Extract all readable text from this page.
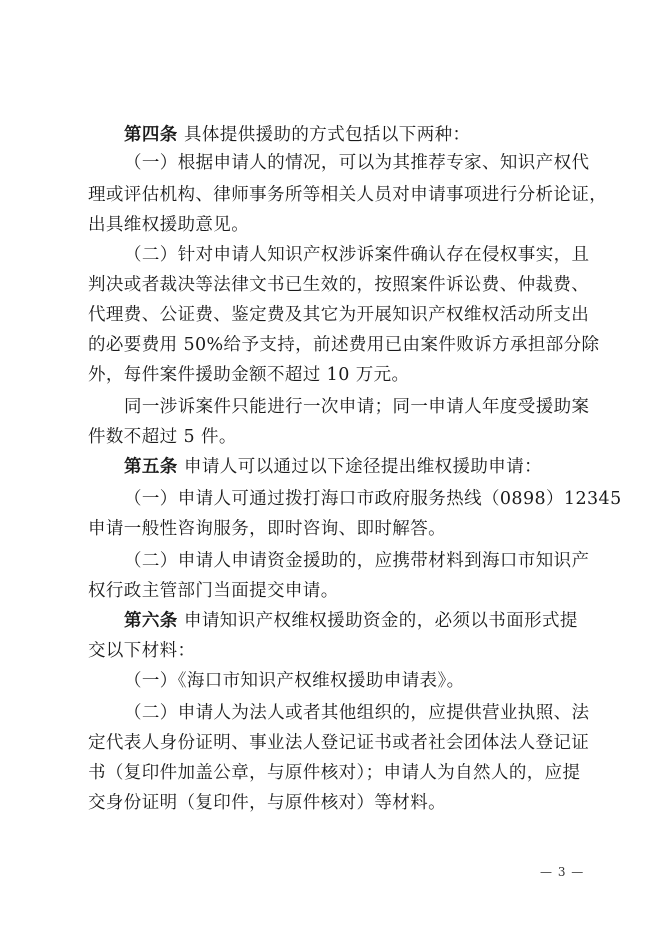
第四条 具体提供援助的方式包括以下两种：
（一）根据申请人的情况，可以为其推荐专家、知识产权代
理或评估机构、律师事务所等相关人员对申请事项进行分析论证，
出具维权援助意见。
（二）针对申请人知识产权涉诉案件确认存在侵权事实，且
判决或者裁决等法律文书已生效的，按照案件诉讼费、仲裁费、
代理费、公证费、鉴定费及其它为开展知识产权维权活动所支出
的必要费用 50%给予支持，前述费用已由案件败诉方承担部分除
外，每件案件援助金额不超过 10 万元。
同一涉诉案件只能进行一次申请；同一申请人年度受援助案
件数不超过 5 件。
第五条 申请人可以通过以下途径提出维权援助申请：
（一）申请人可通过拨打海口市政府服务热线（0898）12345
申请一般性咨询服务，即时咨询、即时解答。
（二）申请人申请资金援助的，应携带材料到海口市知识产
权行政主管部门当面提交申请。
第六条 申请知识产权维权援助资金的，必须以书面形式提
交以下材料：
（一）《海口市知识产权维权援助申请表》。
（二）申请人为法人或者其他组织的，应提供营业执照、法
定代表人身份证明、事业法人登记证书或者社会团体法人登记证
书（复印件加盖公章，与原件核对）；申请人为自然人的，应提
交身份证明（复印件，与原件核对）等材料。
— 3 —
